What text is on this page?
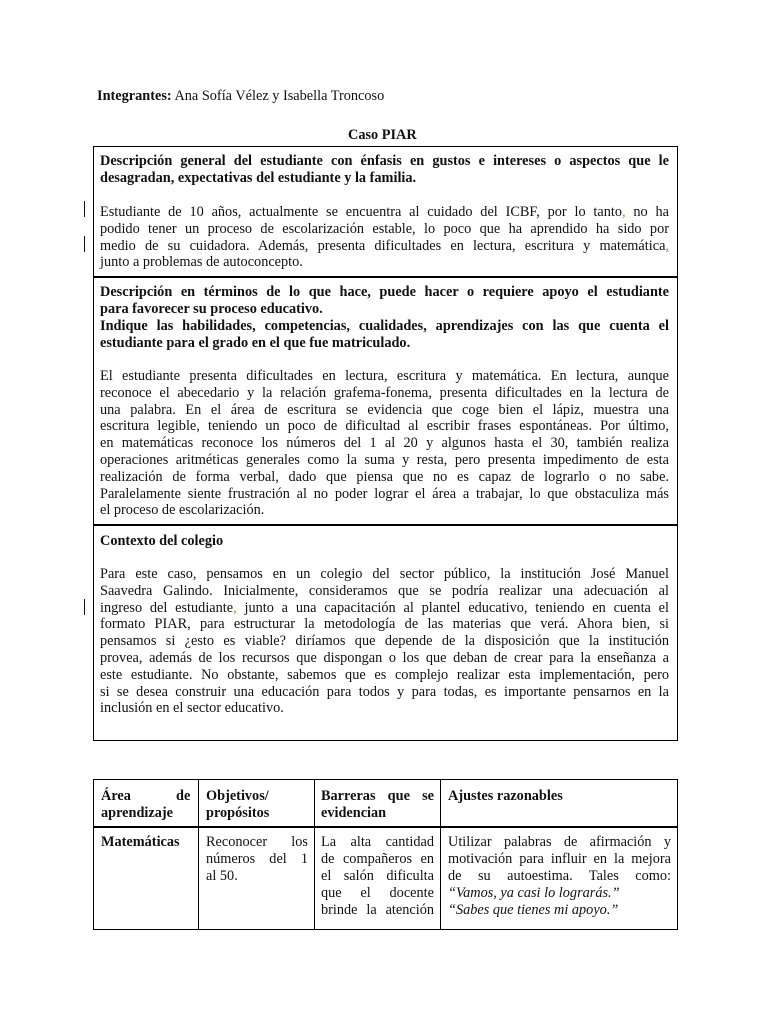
Integrantes: Ana Sofía Vélez y Isabella Troncoso
Caso PIAR
Descripción general del estudiante con énfasis en gustos e intereses o aspectos que le
desagradan, expectativas del estudiante y la familia.
Estudiante de 10 años, actualmente se encuentra al cuidado del ICBF, por lo tanto, no ha
podido tener un proceso de escolarización estable, lo poco que ha aprendido ha sido por
medio de su cuidadora. Además, presenta dificultades en lectura, escritura y matemática,
junto a problemas de autoconcepto.
Descripción en términos de lo que hace, puede hacer o requiere apoyo el estudiante
para favorecer su proceso educativo.
Indique las habilidades, competencias, cualidades, aprendizajes con las que cuenta el
estudiante para el grado en el que fue matriculado.
El estudiante presenta dificultades en lectura, escritura y matemática. En lectura, aunque
reconoce el abecedario y la relación grafema-fonema, presenta dificultades en la lectura de
una palabra. En el área de escritura se evidencia que coge bien el lápiz, muestra una
escritura legible, teniendo un poco de dificultad al escribir frases espontáneas. Por último,
en matemáticas reconoce los números del 1 al 20 y algunos hasta el 30, también realiza
operaciones aritméticas generales como la suma y resta, pero presenta impedimento de esta
realización de forma verbal, dado que piensa que no es capaz de lograrlo o no sabe.
Paralelamente siente frustración al no poder lograr el área a trabajar, lo que obstaculiza más
el proceso de escolarización.
Contexto del colegio
Para este caso, pensamos en un colegio del sector público, la institución José Manuel
Saavedra Galindo. Inicialmente, consideramos que se podría realizar una adecuación al
ingreso del estudiante, junto a una capacitación al plantel educativo, teniendo en cuenta el
formato PIAR, para estructurar la metodología de las materias que verá. Ahora bien, si
pensamos si ¿esto es viable? diríamos que depende de la disposición que la institución
provea, además de los recursos que dispongan o los que deban de crear para la enseñanza a
este estudiante. No obstante, sabemos que es complejo realizar esta implementación, pero
si se desea construir una educación para todos y para todas, es importante pensarnos en la
inclusión en el sector educativo.
Área	de
aprendizaje
Objetivos/
propósitos
Barreras que se
evidencian
Ajustes razonables
Matemáticas Reconocer los
números del 1
al 50.
La alta cantidad
de compañeros en
el salón dificulta
que el docente
brinde la atención
Utilizar palabras de afirmación y
motivación para influir en la mejora
de su autoestima. Tales como:
“Vamos, ya casi lo lograrás.”
“Sabes que tienes mi apoyo.”
